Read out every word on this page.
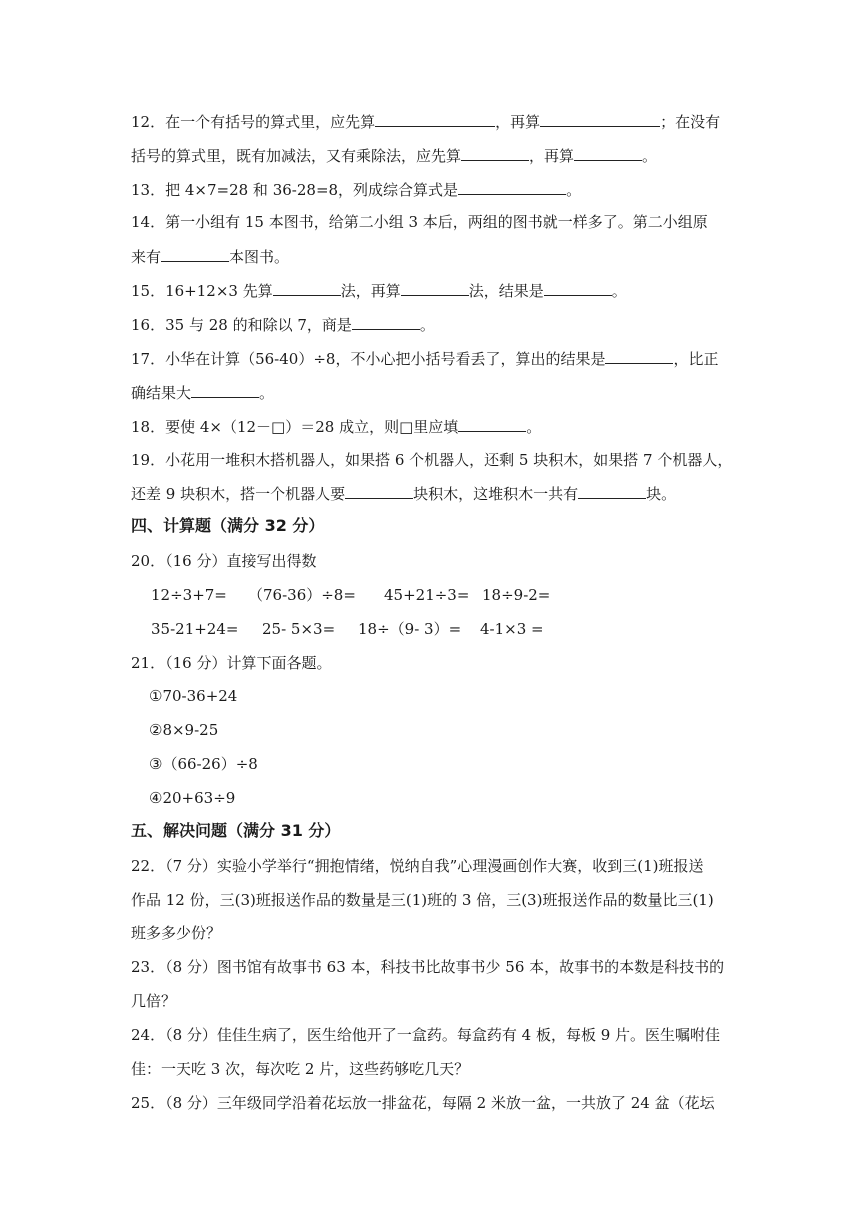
12．在一个有括号的算式里，应先算	，再算	；在没有
括号的算式里，既有加减法，又有乘除法，应先算	，再算	。
13．把 4×7=28 和 36-28=8，列成综合算式是	。
14．第一小组有 15 本图书，给第二小组 3 本后，两组的图书就一样多了。第二小组原
来有	本图书。
15．16+12×3 先算	法，再算	法，结果是	。
16．35 与 28 的和除以 7，商是	。
17．小华在计算（56-40）÷8，不小心把小括号看丢了，算出的结果是	，比正
确结果大	。
18．要使 4×（12－□）＝28 成立，则□里应填	。
19．小花用一堆积木搭机器人，如果搭 6 个机器人，还剩 5 块积木，如果搭 7 个机器人，
还差 9 块积木，搭一个机器人要	块积木，这堆积木一共有	块。
四、计算题（满分 32 分）
20．（16 分）直接写出得数
12÷3+7= （76-36）÷8= 45+21÷3= 18÷9-2=
35-21+24= 25- 5×3= 18÷（9- 3）= 4-1×3 =
21．（16 分）计算下面各题。
①70-36+24
②8×9-25
③（66-26）÷8
④20+63÷9
五、解决问题（满分 31 分）
22．（7 分）实验小学举行“拥抱情绪，悦纳自我”心理漫画创作大赛，收到三(1)班报送
作品 12 份，三(3)班报送作品的数量是三(1)班的 3 倍，三(3)班报送作品的数量比三(1)
班多多少份？
23．（8 分）图书馆有故事书 63 本，科技书比故事书少 56 本，故事书的本数是科技书的
几倍？
24．（8 分）佳佳生病了，医生给他开了一盒药。每盒药有 4 板，每板 9 片。医生嘱咐佳
佳：一天吃 3 次，每次吃 2 片，这些药够吃几天？
25．（8 分）三年级同学沿着花坛放一排盆花，每隔 2 米放一盆，一共放了 24 盆（花坛
